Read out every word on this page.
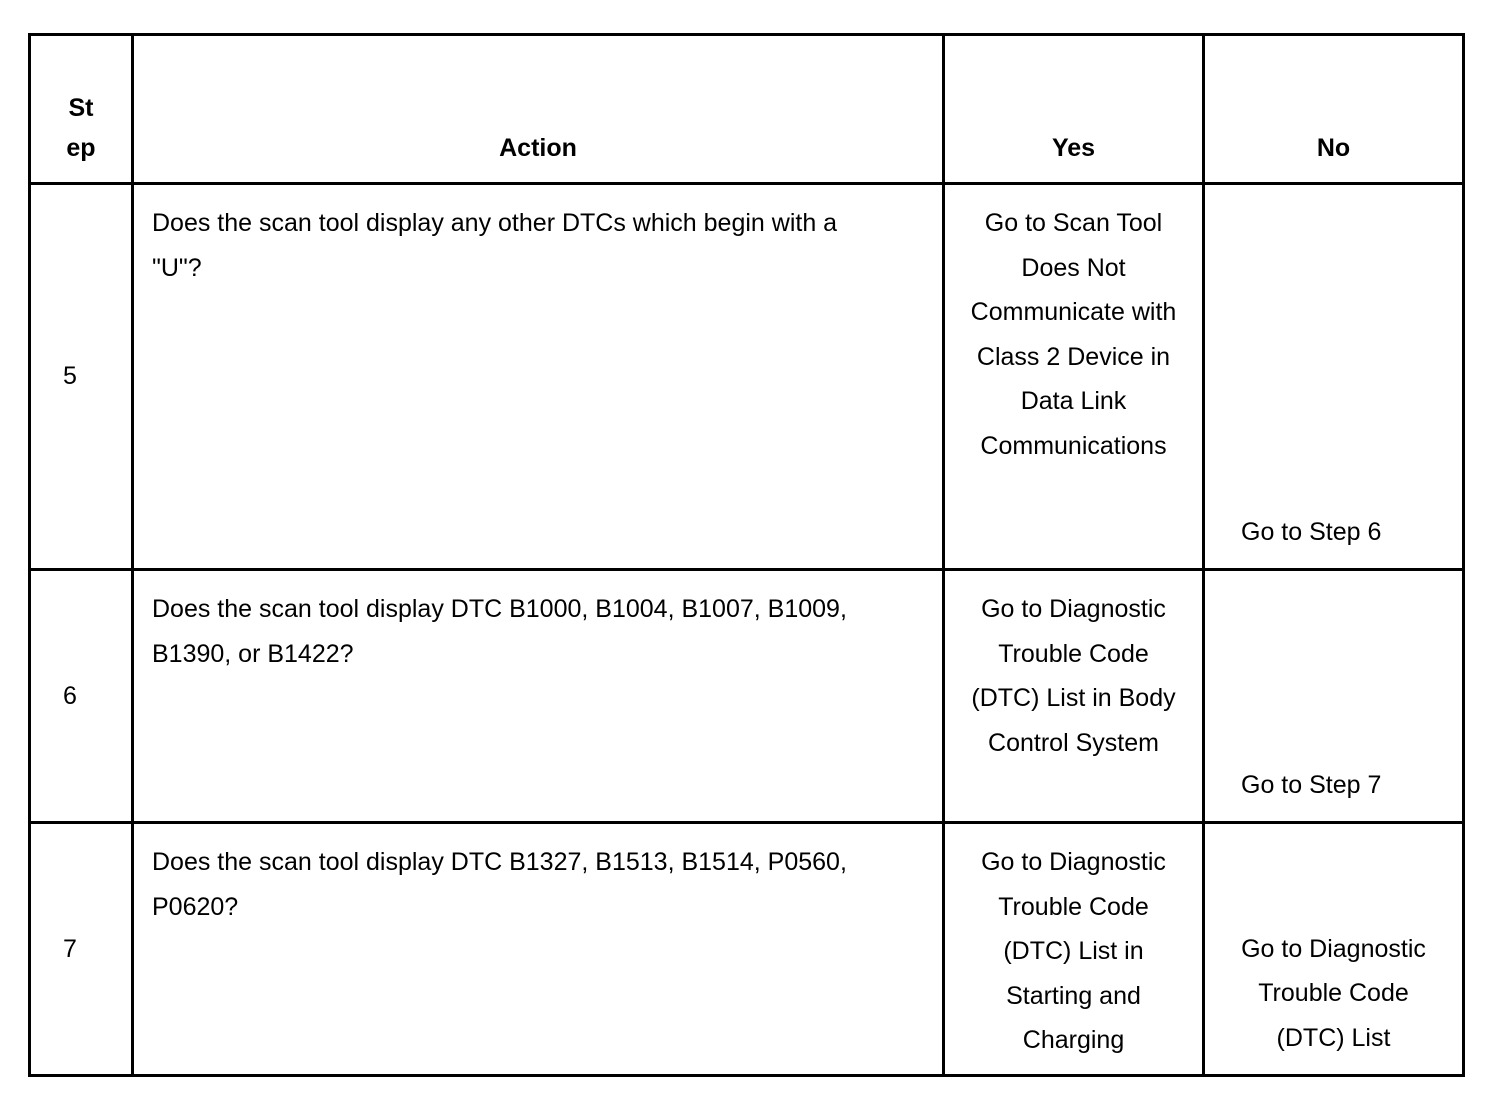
Step	Action	Yes	No
5	Does the scan tool display any other DTCs which begin with a "U"?	Go to Scan Tool Does Not Communicate with Class 2 Device in Data Link Communications	Go to Step 6
6	Does the scan tool display DTC B1000, B1004, B1007, B1009, B1390, or B1422?	Go to Diagnostic Trouble Code (DTC) List in Body Control System	Go to Step 7
7	Does the scan tool display DTC B1327, B1513, B1514, P0560, P0620?	Go to Diagnostic Trouble Code (DTC) List in Starting and Charging	Go to Diagnostic Trouble Code (DTC) List
